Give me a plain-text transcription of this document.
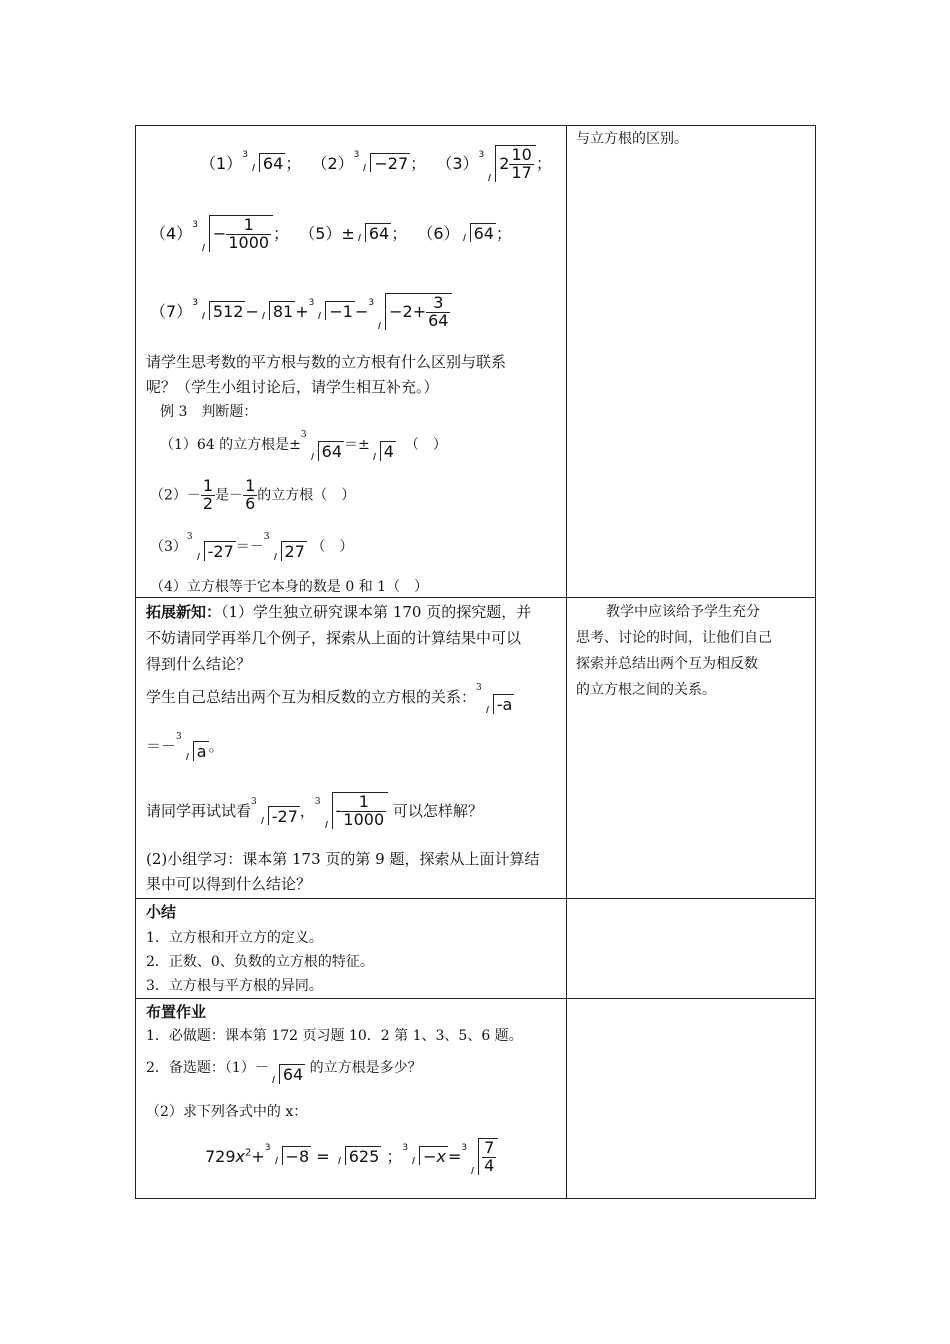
与立方根的区别。
$(1)^3$ 64 ； $(2)^3 -27$ ； $(3)^3$ $2 \frac{10}{17}$ ；
$(4)^3 - \frac{1}{1000}$ ； （5）± 64 ； （6） 64 ；
$(7)^3$ $512 - 81 +^3 -1 -^3 -2+ \frac{3}{64}$
请学生思考数的平方根与数的立方根有什么区别与联系
呢？（学生小组讨论后，请学生相互补充。）
例 3　判断题：
（1）64 的立方根是±$^3$64 ＝± 4 （　）
$(2)- \frac{1}{2}$ 是－ $\frac{1}{6}$ 的立方根（　）
$(3)^3-27 =-^327$ （　）
（4）立方根等于它本身的数是 0 和 1（　）
拓展新知：（1）学生独立研究课本第 170 页的探究题，并
不妨请同学再举几个例子，探索从上面的计算结果中可以
得到什么结论？
学生自己总结出两个互为相反数的立方根的关系：$^3$-a
＝－$^3$a 。
请同学再试试看$^3$-27 ，$^3 - \frac{1}{1000}$ 可以怎样解？
(2)小组学习：课本第 173 页的第 9 题，探索从上面计算结
果中可以得到什么结论？
教学中应该给予学生充分
思考、讨论的时间，让他们自己
探索并总结出两个互为相反数
的立方根之间的关系。
小结
1．立方根和开立方的定义。
2．正数、0、负数的立方根的特征。
3．立方根与平方根的异同。
布置作业
1．必做题：课本第 172 页习题 10．2 第 1、3、5、6 题。
2．备选题：（1）－ 64 的立方根是多少？
（2）求下列各式中的 x：
$729x^2+^3 -8 = 625$ ；$^3 -x =^3 \frac{7}{4}$
